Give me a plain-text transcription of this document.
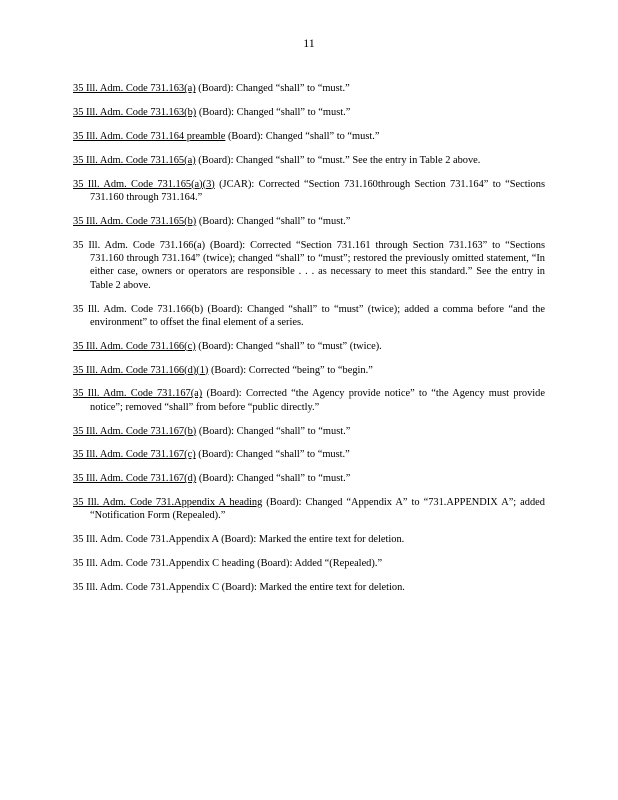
11

35 Ill. Adm. Code 731.163(a) (Board): Changed “shall” to “must.”

35 Ill. Adm. Code 731.163(b) (Board): Changed “shall” to “must.”

35 Ill. Adm. Code 731.164 preamble (Board): Changed “shall” to “must.”

35 Ill. Adm. Code 731.165(a) (Board): Changed “shall” to “must.” See the entry in Table 2 above.

35 Ill. Adm. Code 731.165(a)(3) (JCAR): Corrected “Section 731.160through Section 731.164” to “Sections 731.160 through 731.164.”

35 Ill. Adm. Code 731.165(b) (Board): Changed “shall” to “must.”

35 Ill. Adm. Code 731.166(a) (Board): Corrected “Section 731.161 through Section 731.163” to “Sections 731.160 through 731.164” (twice); changed “shall” to “must”; restored the previously omitted statement, “In either case, owners or operators are responsible . . . as necessary to meet this standard.” See the entry in Table 2 above.

35 Ill. Adm. Code 731.166(b) (Board): Changed “shall” to “must” (twice); added a comma before “and the environment” to offset the final element of a series.

35 Ill. Adm. Code 731.166(c) (Board): Changed “shall” to “must” (twice).

35 Ill. Adm. Code 731.166(d)(1) (Board): Corrected “being” to “begin.”

35 Ill. Adm. Code 731.167(a) (Board): Corrected “the Agency provide notice” to “the Agency must provide notice”; removed “shall” from before “public directly.”

35 Ill. Adm. Code 731.167(b) (Board): Changed “shall” to “must.”

35 Ill. Adm. Code 731.167(c) (Board): Changed “shall” to “must.”

35 Ill. Adm. Code 731.167(d) (Board): Changed “shall” to “must.”

35 Ill. Adm. Code 731.Appendix A heading (Board): Changed “Appendix A” to “731.APPENDIX A”; added “Notification Form (Repealed).”

35 Ill. Adm. Code 731.Appendix A (Board): Marked the entire text for deletion.

35 Ill. Adm. Code 731.Appendix C heading (Board): Added “(Repealed).”

35 Ill. Adm. Code 731.Appendix C (Board): Marked the entire text for deletion.
